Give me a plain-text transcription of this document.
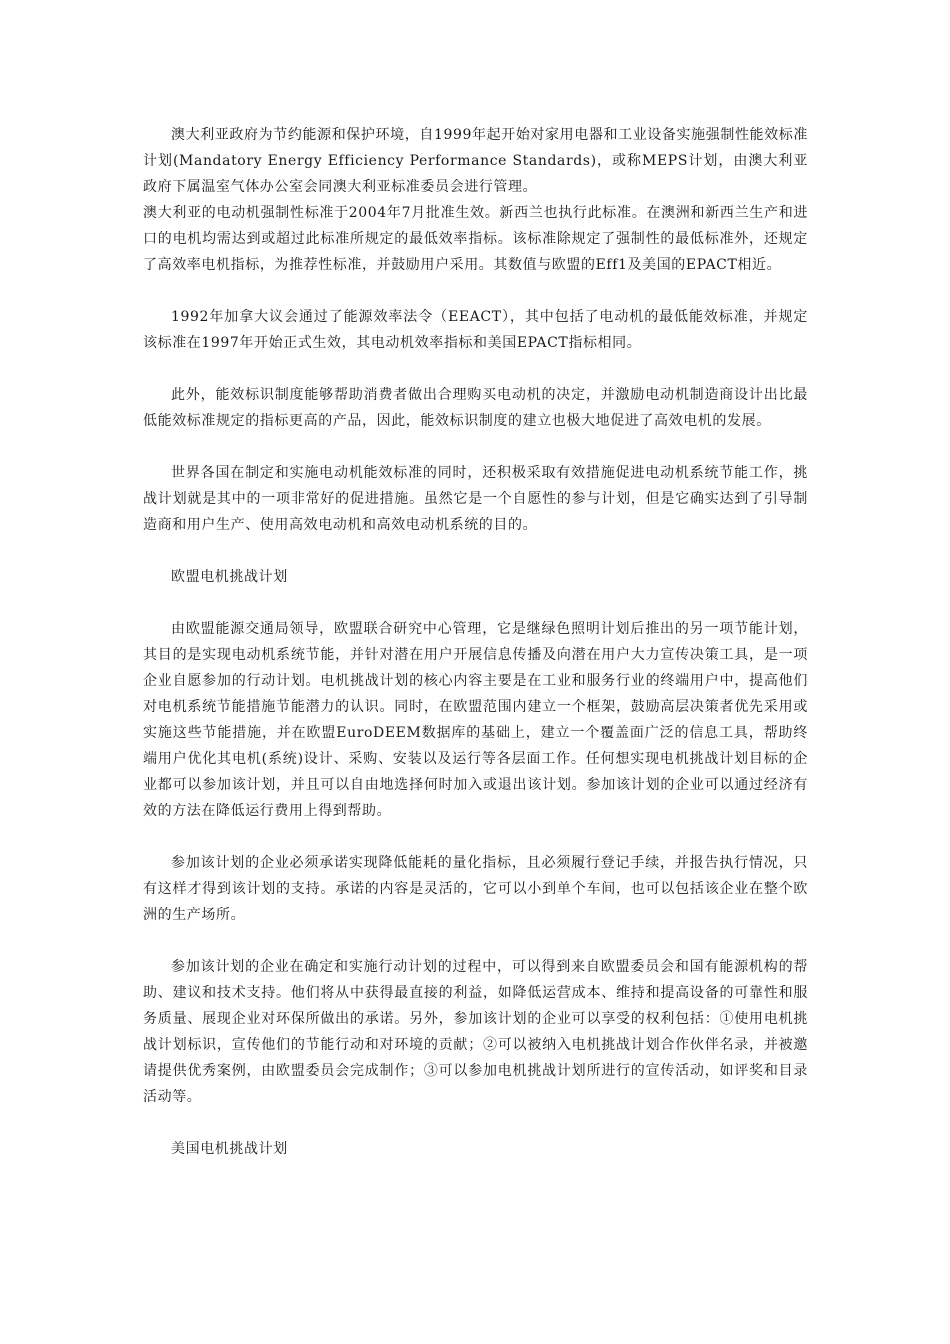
澳大利亚政府为节约能源和保护环境，自1999年起开始对家用电器和工业设备实施强制性能效标准计划(Mandatory Energy Efficiency Performance Standards)，或称MEPS计划，由澳大利亚政府下属温室气体办公室会同澳大利亚标准委员会进行管理。

澳大利亚的电动机强制性标准于2004年7月批准生效。新西兰也执行此标准。在澳洲和新西兰生产和进口的电机均需达到或超过此标准所规定的最低效率指标。该标准除规定了强制性的最低标准外，还规定了高效率电机指标，为推荐性标准，并鼓励用户采用。其数值与欧盟的Eff1及美国的EPACT相近。

1992年加拿大议会通过了能源效率法令（EEACT），其中包括了电动机的最低能效标准，并规定该标准在1997年开始正式生效，其电动机效率指标和美国EPACT指标相同。

此外，能效标识制度能够帮助消费者做出合理购买电动机的决定，并激励电动机制造商设计出比最低能效标准规定的指标更高的产品，因此，能效标识制度的建立也极大地促进了高效电机的发展。

世界各国在制定和实施电动机能效标准的同时，还积极采取有效措施促进电动机系统节能工作，挑战计划就是其中的一项非常好的促进措施。虽然它是一个自愿性的参与计划，但是它确实达到了引导制造商和用户生产、使用高效电动机和高效电动机系统的目的。

欧盟电机挑战计划

由欧盟能源交通局领导，欧盟联合研究中心管理，它是继绿色照明计划后推出的另一项节能计划，其目的是实现电动机系统节能，并针对潜在用户开展信息传播及向潜在用户大力宣传决策工具，是一项企业自愿参加的行动计划。电机挑战计划的核心内容主要是在工业和服务行业的终端用户中，提高他们对电机系统节能措施节能潜力的认识。同时，在欧盟范围内建立一个框架，鼓励高层决策者优先采用或实施这些节能措施，并在欧盟EuroDEEM数据库的基础上，建立一个覆盖面广泛的信息工具，帮助终端用户优化其电机(系统)设计、采购、安装以及运行等各层面工作。任何想实现电机挑战计划目标的企业都可以参加该计划，并且可以自由地选择何时加入或退出该计划。参加该计划的企业可以通过经济有效的方法在降低运行费用上得到帮助。

参加该计划的企业必须承诺实现降低能耗的量化指标，且必须履行登记手续，并报告执行情况，只有这样才得到该计划的支持。承诺的内容是灵活的，它可以小到单个车间，也可以包括该企业在整个欧洲的生产场所。

参加该计划的企业在确定和实施行动计划的过程中，可以得到来自欧盟委员会和国有能源机构的帮助、建议和技术支持。他们将从中获得最直接的利益，如降低运营成本、维持和提高设备的可靠性和服务质量、展现企业对环保所做出的承诺。另外，参加该计划的企业可以享受的权利包括：①使用电机挑战计划标识，宣传他们的节能行动和对环境的贡献；②可以被纳入电机挑战计划合作伙伴名录，并被邀请提供优秀案例，由欧盟委员会完成制作；③可以参加电机挑战计划所进行的宣传活动，如评奖和目录活动等。

美国电机挑战计划
